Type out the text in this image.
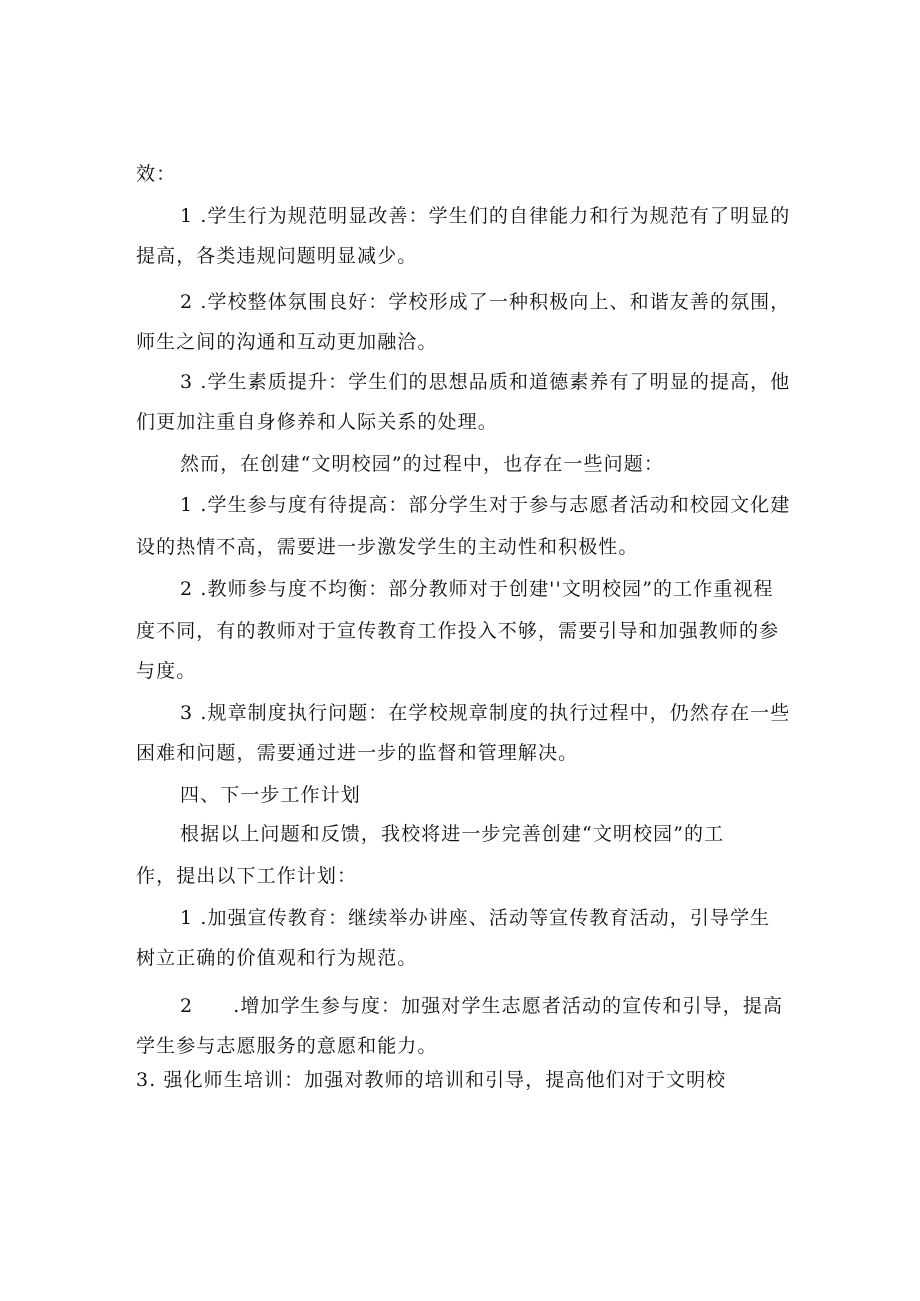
效：
1 .学生行为规范明显改善：学生们的自律能力和行为规范有了明显的
提高，各类违规问题明显减少。
2 .学校整体氛围良好：学校形成了一种积极向上、和谐友善的氛围，
师生之间的沟通和互动更加融洽。
3 .学生素质提升：学生们的思想品质和道德素养有了明显的提高，他
们更加注重自身修养和人际关系的处理。
然而，在创建“文明校园”的过程中，也存在一些问题：
1 .学生参与度有待提高：部分学生对于参与志愿者活动和校园文化建
设的热情不高，需要进一步激发学生的主动性和积极性。
2 .教师参与度不均衡：部分教师对于创建''文明校园”的工作重视程
度不同，有的教师对于宣传教育工作投入不够，需要引导和加强教师的参
与度。
3 .规章制度执行问题：在学校规章制度的执行过程中，仍然存在一些
困难和问题，需要通过进一步的监督和管理解决。
四、下一步工作计划
根据以上问题和反馈，我校将进一步完善创建“文明校园”的工
作，提出以下工作计划：
1 .加强宣传教育：继续举办讲座、活动等宣传教育活动，引导学生
树立正确的价值观和行为规范。
2 .增加学生参与度：加强对学生志愿者活动的宣传和引导，提高
学生参与志愿服务的意愿和能力。
3. 强化师生培训：加强对教师的培训和引导，提高他们对于文明校
